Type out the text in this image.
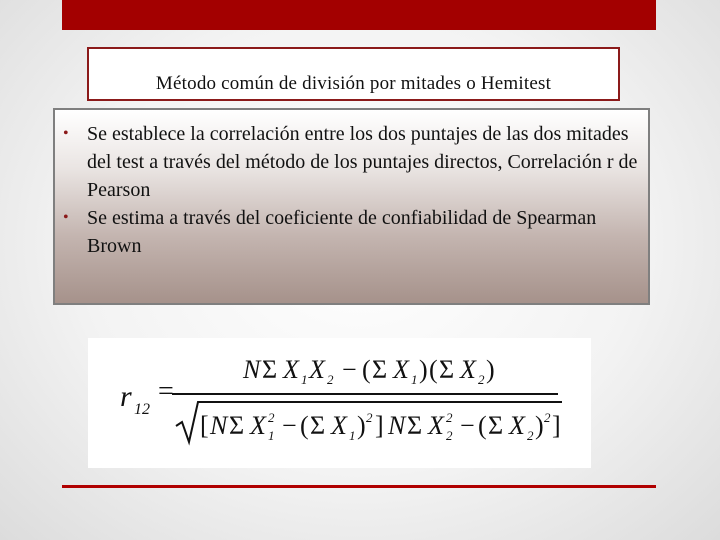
Método común de división por mitades o Hemitest
• Se establece la correlación entre los dos puntajes de las dos mitades del test a través del método de los puntajes directos, Correlación r de Pearson
• Se estima a través del coeficiente de confiabilidad de Spearman Brown
r 12
=
N Σ X 1 X 2 − ( Σ X 1 ) ( Σ X 2 )
[ N Σ X 2
1 − ( Σ X 1 ) 2 ] N Σ X 2
2 − ( Σ X 2 ) 2 ]
